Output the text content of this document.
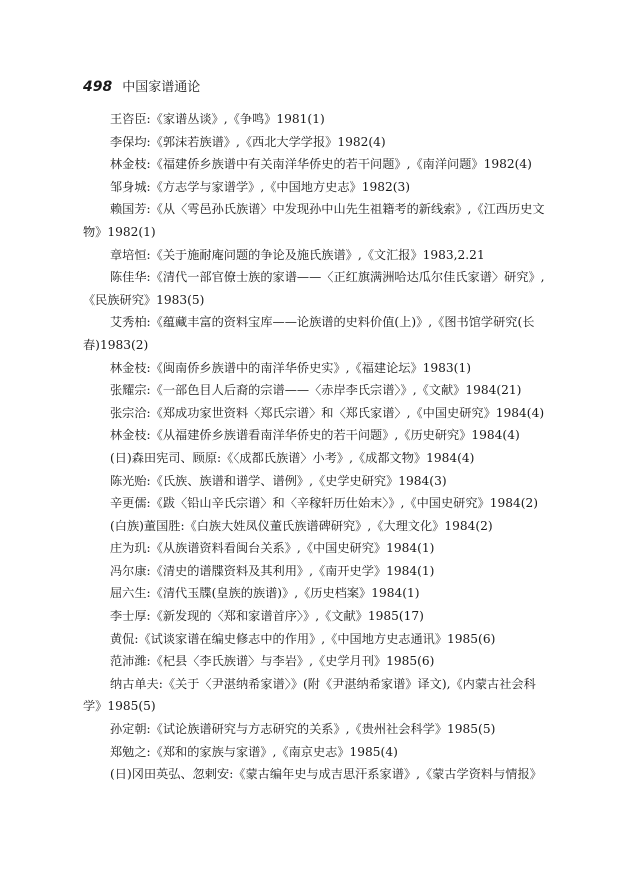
498 中国家谱通论

王咨臣:《家谱丛谈》,《争鸣》1981(1)

李保均:《郭沫若族谱》,《西北大学学报》1982(4)

林金枝:《福建侨乡族谱中有关南洋华侨史的若干问题》,《南洋问题》1982(4)

邹身城:《方志学与家谱学》,《中国地方史志》1982(3)

赖国芳:《从〈雩邑孙氏族谱〉中发现孙中山先生祖籍考的新线索》,《江西历史文物》1982(1)

章培恒:《关于施耐庵问题的争论及施氏族谱》,《文汇报》1983,2.21

陈佳华:《清代一部官僚士族的家谱——〈正红旗满洲哈达瓜尔佳氏家谱〉研究》,《民族研究》1983(5)

艾秀柏:《蕴藏丰富的资料宝库——论族谱的史料价值(上)》,《图书馆学研究(长春)1983(2)

林金枝:《闽南侨乡族谱中的南洋华侨史实》,《福建论坛》1983(1)

张耀宗:《一部色目人后裔的宗谱——〈赤岸李氏宗谱〉》,《文献》1984(21)

张宗洽:《郑成功家世资料〈郑氏宗谱〉和〈郑氏家谱〉,《中国史研究》1984(4)

林金枝:《从福建侨乡族谱看南洋华侨史的若干问题》,《历史研究》1984(4)

(日)森田宪司、顾原:《〈成都氏族谱〉小考》,《成都文物》1984(4)

陈光贻:《氏族、族谱和谱学、谱例》,《史学史研究》1984(3)

辛更儒:《跋〈铅山辛氏宗谱〉和〈辛稼轩历仕始末〉》,《中国史研究》1984(2)

(白族)董国胜:《白族大姓凤仪董氏族谱碑研究》,《大理文化》1984(2)

庄为玑:《从族谱资料看闽台关系》,《中国史研究》1984(1)

冯尔康:《清史的谱牒资料及其利用》,《南开史学》1984(1)

屈六生:《清代玉牒(皇族的族谱)》,《历史档案》1984(1)

李士厚:《新发现的〈郑和家谱首序〉》,《文献》1985(17)

黄侃:《试谈家谱在编史修志中的作用》,《中国地方史志通讯》1985(6)

范沛潍:《杞县〈李氏族谱〉与李岩》,《史学月刊》1985(6)

纳古单夫:《关于〈尹湛纳希家谱〉》(附《尹湛纳希家谱》译文),《内蒙古社会科学》1985(5)

孙定朝:《试论族谱研究与方志研究的关系》,《贵州社会科学》1985(5)

郑勉之:《郑和的家族与家谱》,《南京史志》1985(4)

(日)冈田英弘、忽剌安:《蒙古编年史与成吉思汗系家谱》,《蒙古学资料与情报》
